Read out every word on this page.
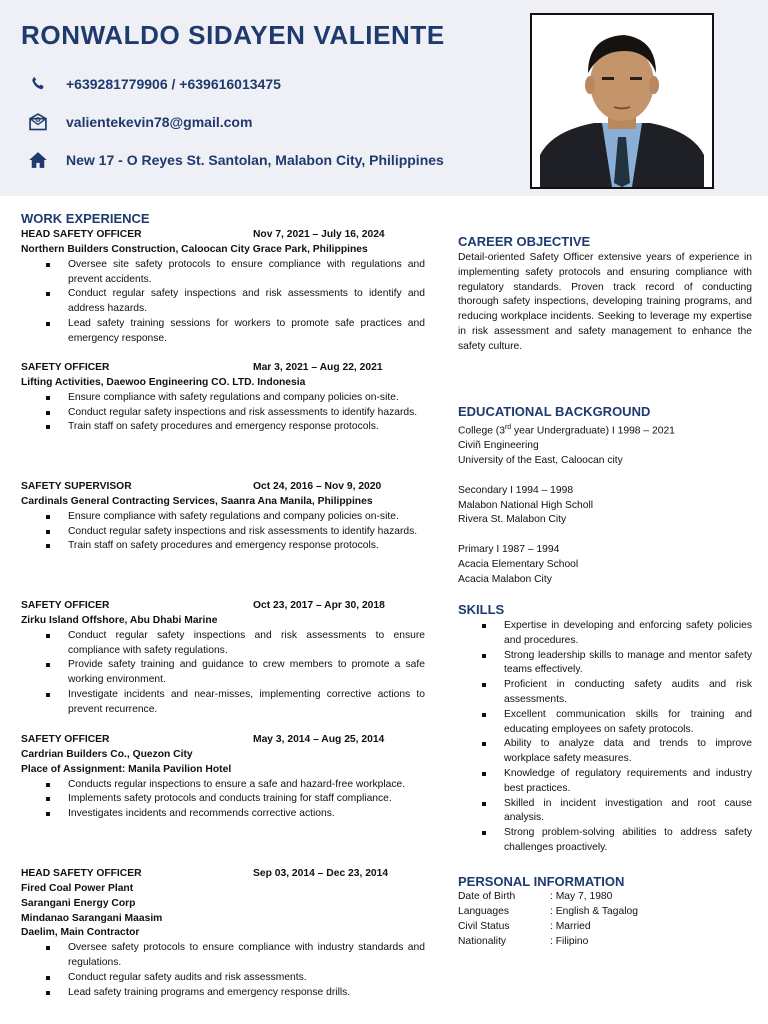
RONWALDO SIDAYEN VALIENTE
+639281779906 / +639616013475
valientekevin78@gmail.com
New 17 - O Reyes St. Santolan, Malabon City, Philippines
WORK EXPERIENCE
HEAD SAFETY OFFICER	Nov 7, 2021 – July 16, 2024
Northern Builders Construction, Caloocan City Grace Park, Philippines
Oversee site safety protocols to ensure compliance with regulations and prevent accidents.
Conduct regular safety inspections and risk assessments to identify and address hazards.
Lead safety training sessions for workers to promote safe practices and emergency response.
SAFETY OFFICER	Mar 3, 2021 – Aug 22, 2021
Lifting Activities, Daewoo Engineering CO. LTD. Indonesia
Ensure compliance with safety regulations and company policies on-site.
Conduct regular safety inspections and risk assessments to identify hazards.
Train staff on safety procedures and emergency response protocols.
SAFETY SUPERVISOR	Oct 24, 2016 – Nov 9, 2020
Cardinals General Contracting Services, Saanra Ana Manila, Philippines
Ensure compliance with safety regulations and company policies on-site.
Conduct regular safety inspections and risk assessments to identify hazards.
Train staff on safety procedures and emergency response protocols.
SAFETY OFFICER	Oct 23, 2017 – Apr 30, 2018
Zirku Island Offshore, Abu Dhabi Marine
Conduct regular safety inspections and risk assessments to ensure compliance with safety regulations.
Provide safety training and guidance to crew members to promote a safe working environment.
Investigate incidents and near-misses, implementing corrective actions to prevent recurrence.
SAFETY OFFICER	May 3, 2014 – Aug 25, 2014
Cardrian Builders Co., Quezon City
Place of Assignment: Manila Pavilion Hotel
Conducts regular inspections to ensure a safe and hazard-free workplace.
Implements safety protocols and conducts training for staff compliance.
Investigates incidents and recommends corrective actions.
HEAD SAFETY OFFICER	Sep 03, 2014 – Dec 23, 2014
Fired Coal Power Plant
Sarangani Energy Corp
Mindanao Sarangani Maasim
Daelim, Main Contractor
Oversee safety protocols to ensure compliance with industry standards and regulations.
Conduct regular safety audits and risk assessments.
Lead safety training programs and emergency response drills.
CAREER OBJECTIVE
Detail-oriented Safety Officer extensive years of experience in implementing safety protocols and ensuring compliance with regulatory standards. Proven track record of conducting thorough safety inspections, developing training programs, and reducing workplace incidents. Seeking to leverage my expertise in risk assessment and safety management to enhance the safety culture.
EDUCATIONAL BACKGROUND
College (3rd year Undergraduate) I 1998 – 2021
Civiñ Engineering
University of the East, Caloocan city
Secondary I 1994 – 1998
Malabon National High Scholl
Rivera St. Malabon City
Primary I 1987 – 1994
Acacia Elementary School
Acacia Malabon City
SKILLS
Expertise in developing and enforcing safety policies and procedures.
Strong leadership skills to manage and mentor safety teams effectively.
Proficient in conducting safety audits and risk assessments.
Excellent communication skills for training and educating employees on safety protocols.
Ability to analyze data and trends to improve workplace safety measures.
Knowledge of regulatory requirements and industry best practices.
Skilled in incident investigation and root cause analysis.
Strong problem-solving abilities to address safety challenges proactively.
PERSONAL INFORMATION
Date of Birth	: May 7, 1980
Languages	: English & Tagalog
Civil Status	: Married
Nationality	: Filipino
